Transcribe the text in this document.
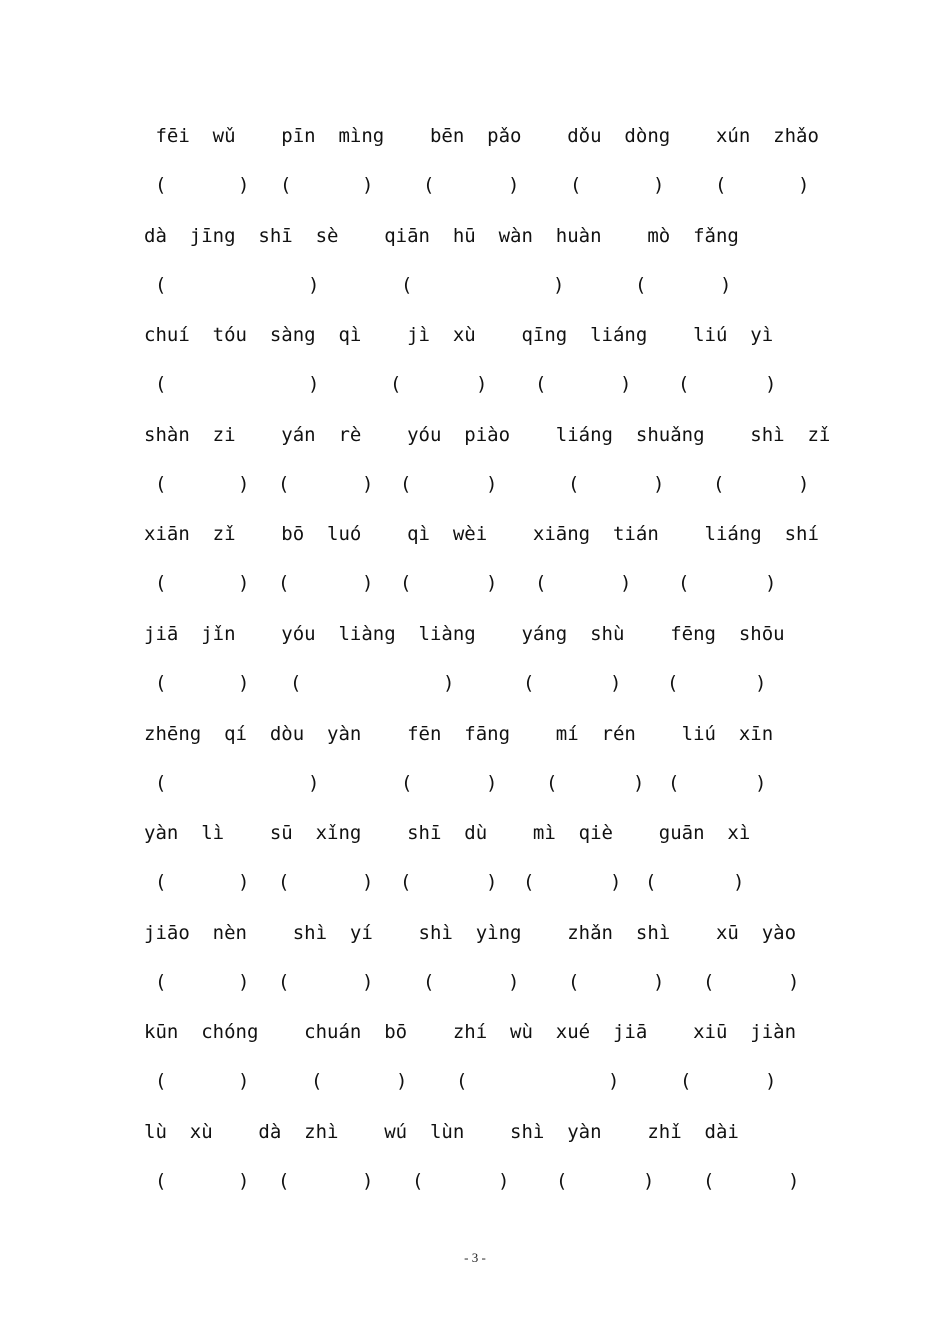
fēi  wǔ    pīn  mìng    bēn  pǎo    dǒu  dòng    xún  zhǎo
(	) (	)	(	)	(	)	(	)
dà  jīng  shī  sè    qiān  hū  wàn  huàn    mò  fǎng
(	)	(	)	(	)
chuí  tóu  sàng  qì    jì  xù    qīng  liáng    liú  yì
(	)	(	)	(	) (	)
shàn  zi    yán  rè    yóu  piào    liáng  shuǎng    shì  zǐ
(	) (	) (	)	(	)	(	)
xiān  zǐ    bō  luó    qì  wèi    xiāng  tián    liáng  shí
(	) (	) (	) (	) (	)
jiā  jǐn    yóu  liàng  liàng    yáng  shù    fēng  shōu
(	) (	)	(	) (	)
zhēng  qí  dòu  yàn    fēn  fāng    mí  rén    liú  xīn
(	)	(	)	(	) (	)
yàn  lì    sū  xǐng    shī  dù    mì  qiè    guān  xì
(	) (	) (	) (	) (	)
jiāo  nèn    shì  yí    shì  yìng    zhǎn  shì    xū  yào
(	) (	)	(	)	(	) (	)
kūn  chóng    chuán  bō    zhí  wù  xué  jiā    xiū  jiàn
(	)	(	)	(	)	(	)
lù  xù    dà  zhì    wú  lùn    shì  yàn    zhǐ  dài
(	) (	) (	) (	)	(	)
- 3 -
